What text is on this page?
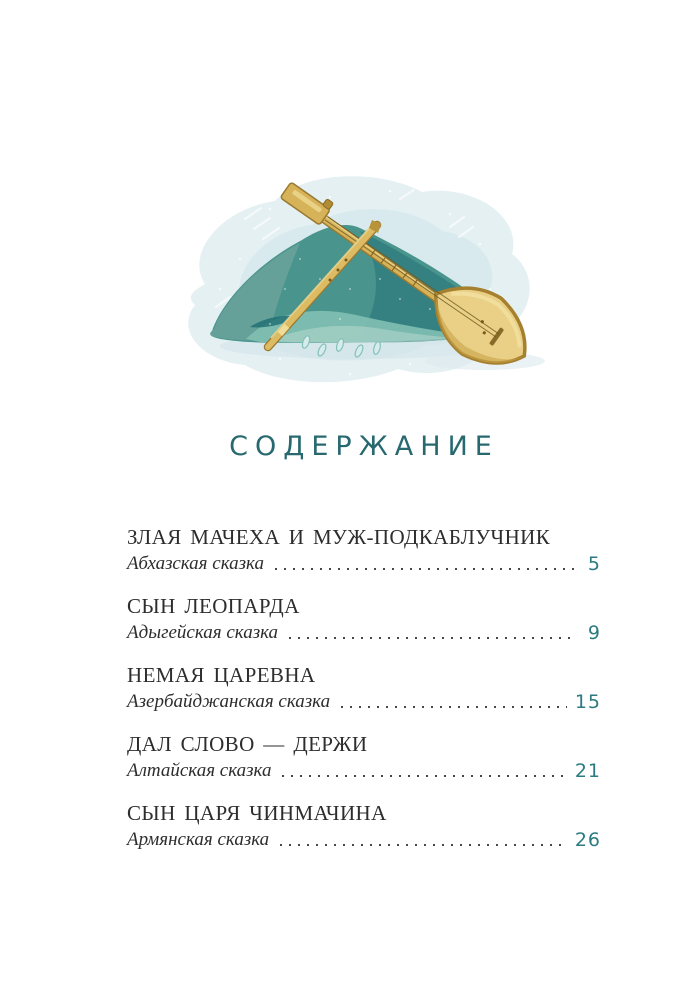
СОДЕРЖАНИЕ
ЗЛАЯ МАЧЕХА И МУЖ-ПОДКАБЛУЧНИК
Абхазская сказка	5
СЫН ЛЕОПАРДА
Адыгейская сказка	9
НЕМАЯ ЦАРЕВНА
Азербайджанская сказка	15
ДАЛ СЛОВО — ДЕРЖИ
Алтайская сказка	21
СЫН ЦАРЯ ЧИНМАЧИНА
Армянская сказка	26
